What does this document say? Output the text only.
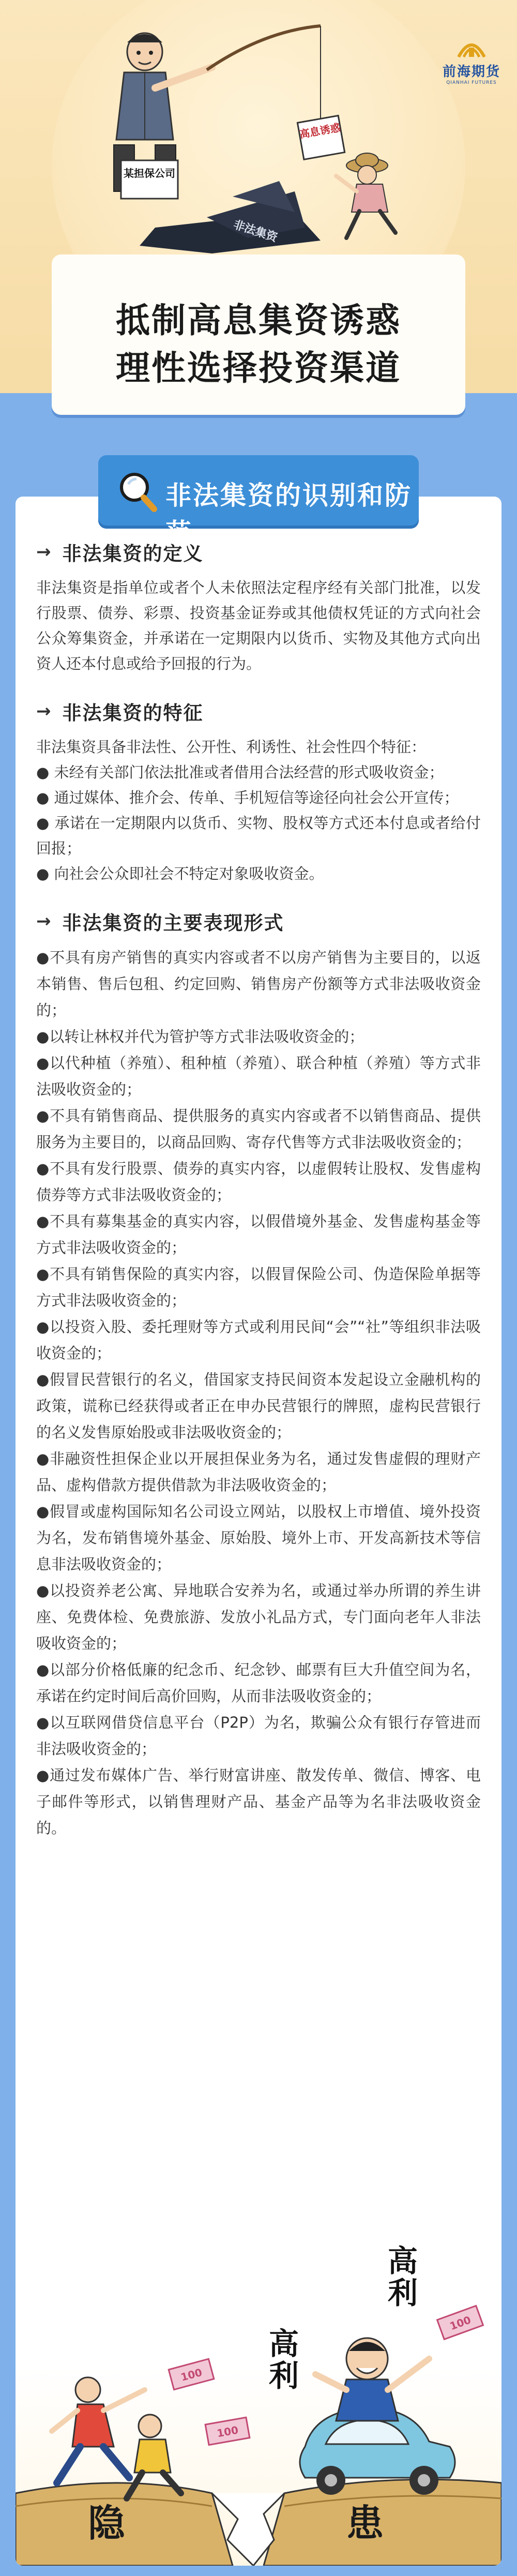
前海期货
QIANHAI FUTURES
非法集资
某担保公司
高息诱惑
抵制高息集资诱惑
理性选择投资渠道
非法集资的识别和防范
→ 非法集资的定义

非法集资是指单位或者个人未依照法定程序经有关部门批准，以发行股票、债券、彩票、投资基金证券或其他债权凭证的方式向社会公众筹集资金，并承诺在一定期限内以货币、实物及其他方式向出资人还本付息或给予回报的行为。

→ 非法集资的特征

非法集资具备非法性、公开性、利诱性、社会性四个特征：

● 未经有关部门依法批准或者借用合法经营的形式吸收资金；

● 通过媒体、推介会、传单、手机短信等途径向社会公开宣传；

● 承诺在一定期限内以货币、实物、股权等方式还本付息或者给付回报；

● 向社会公众即社会不特定对象吸收资金。

→ 非法集资的主要表现形式

●不具有房产销售的真实内容或者不以房产销售为主要目的，以返本销售、售后包租、约定回购、销售房产份额等方式非法吸收资金的；

●以转让林权并代为管护等方式非法吸收资金的；

●以代种植（养殖）、租种植（养殖）、联合种植（养殖）等方式非法吸收资金的；

●不具有销售商品、提供服务的真实内容或者不以销售商品、提供服务为主要目的，以商品回购、寄存代售等方式非法吸收资金的；

●不具有发行股票、债券的真实内容，以虚假转让股权、发售虚构债券等方式非法吸收资金的；

●不具有募集基金的真实内容，以假借境外基金、发售虚构基金等方式非法吸收资金的；

●不具有销售保险的真实内容，以假冒保险公司、伪造保险单据等方式非法吸收资金的；

●以投资入股、委托理财等方式或利用民间“会”“社”等组织非法吸收资金的；

●假冒民营银行的名义，借国家支持民间资本发起设立金融机构的政策，谎称已经获得或者正在申办民营银行的牌照，虚构民营银行的名义发售原始股或非法吸收资金的；

●非融资性担保企业以开展担保业务为名，通过发售虚假的理财产品、虚构借款方提供借款为非法吸收资金的；

●假冒或虚构国际知名公司设立网站，以股权上市增值、境外投资为名，发布销售境外基金、原始股、境外上市、开发高新技术等信息非法吸收资金的；

●以投资养老公寓、异地联合安养为名，或通过举办所谓的养生讲座、免费体检、免费旅游、发放小礼品方式，专门面向老年人非法吸收资金的；

●以部分价格低廉的纪念币、纪念钞、邮票有巨大升值空间为名，承诺在约定时间后高价回购，从而非法吸收资金的；

●以互联网借贷信息平台（P2P）为名，欺骗公众有银行存管进而非法吸收资金的；

●通过发布媒体广告、举行财富讲座、散发传单、微信、博客、电子邮件等形式，以销售理财产品、基金产品等为名非法吸收资金的。

100
100
100
高利
高利
隐	患
